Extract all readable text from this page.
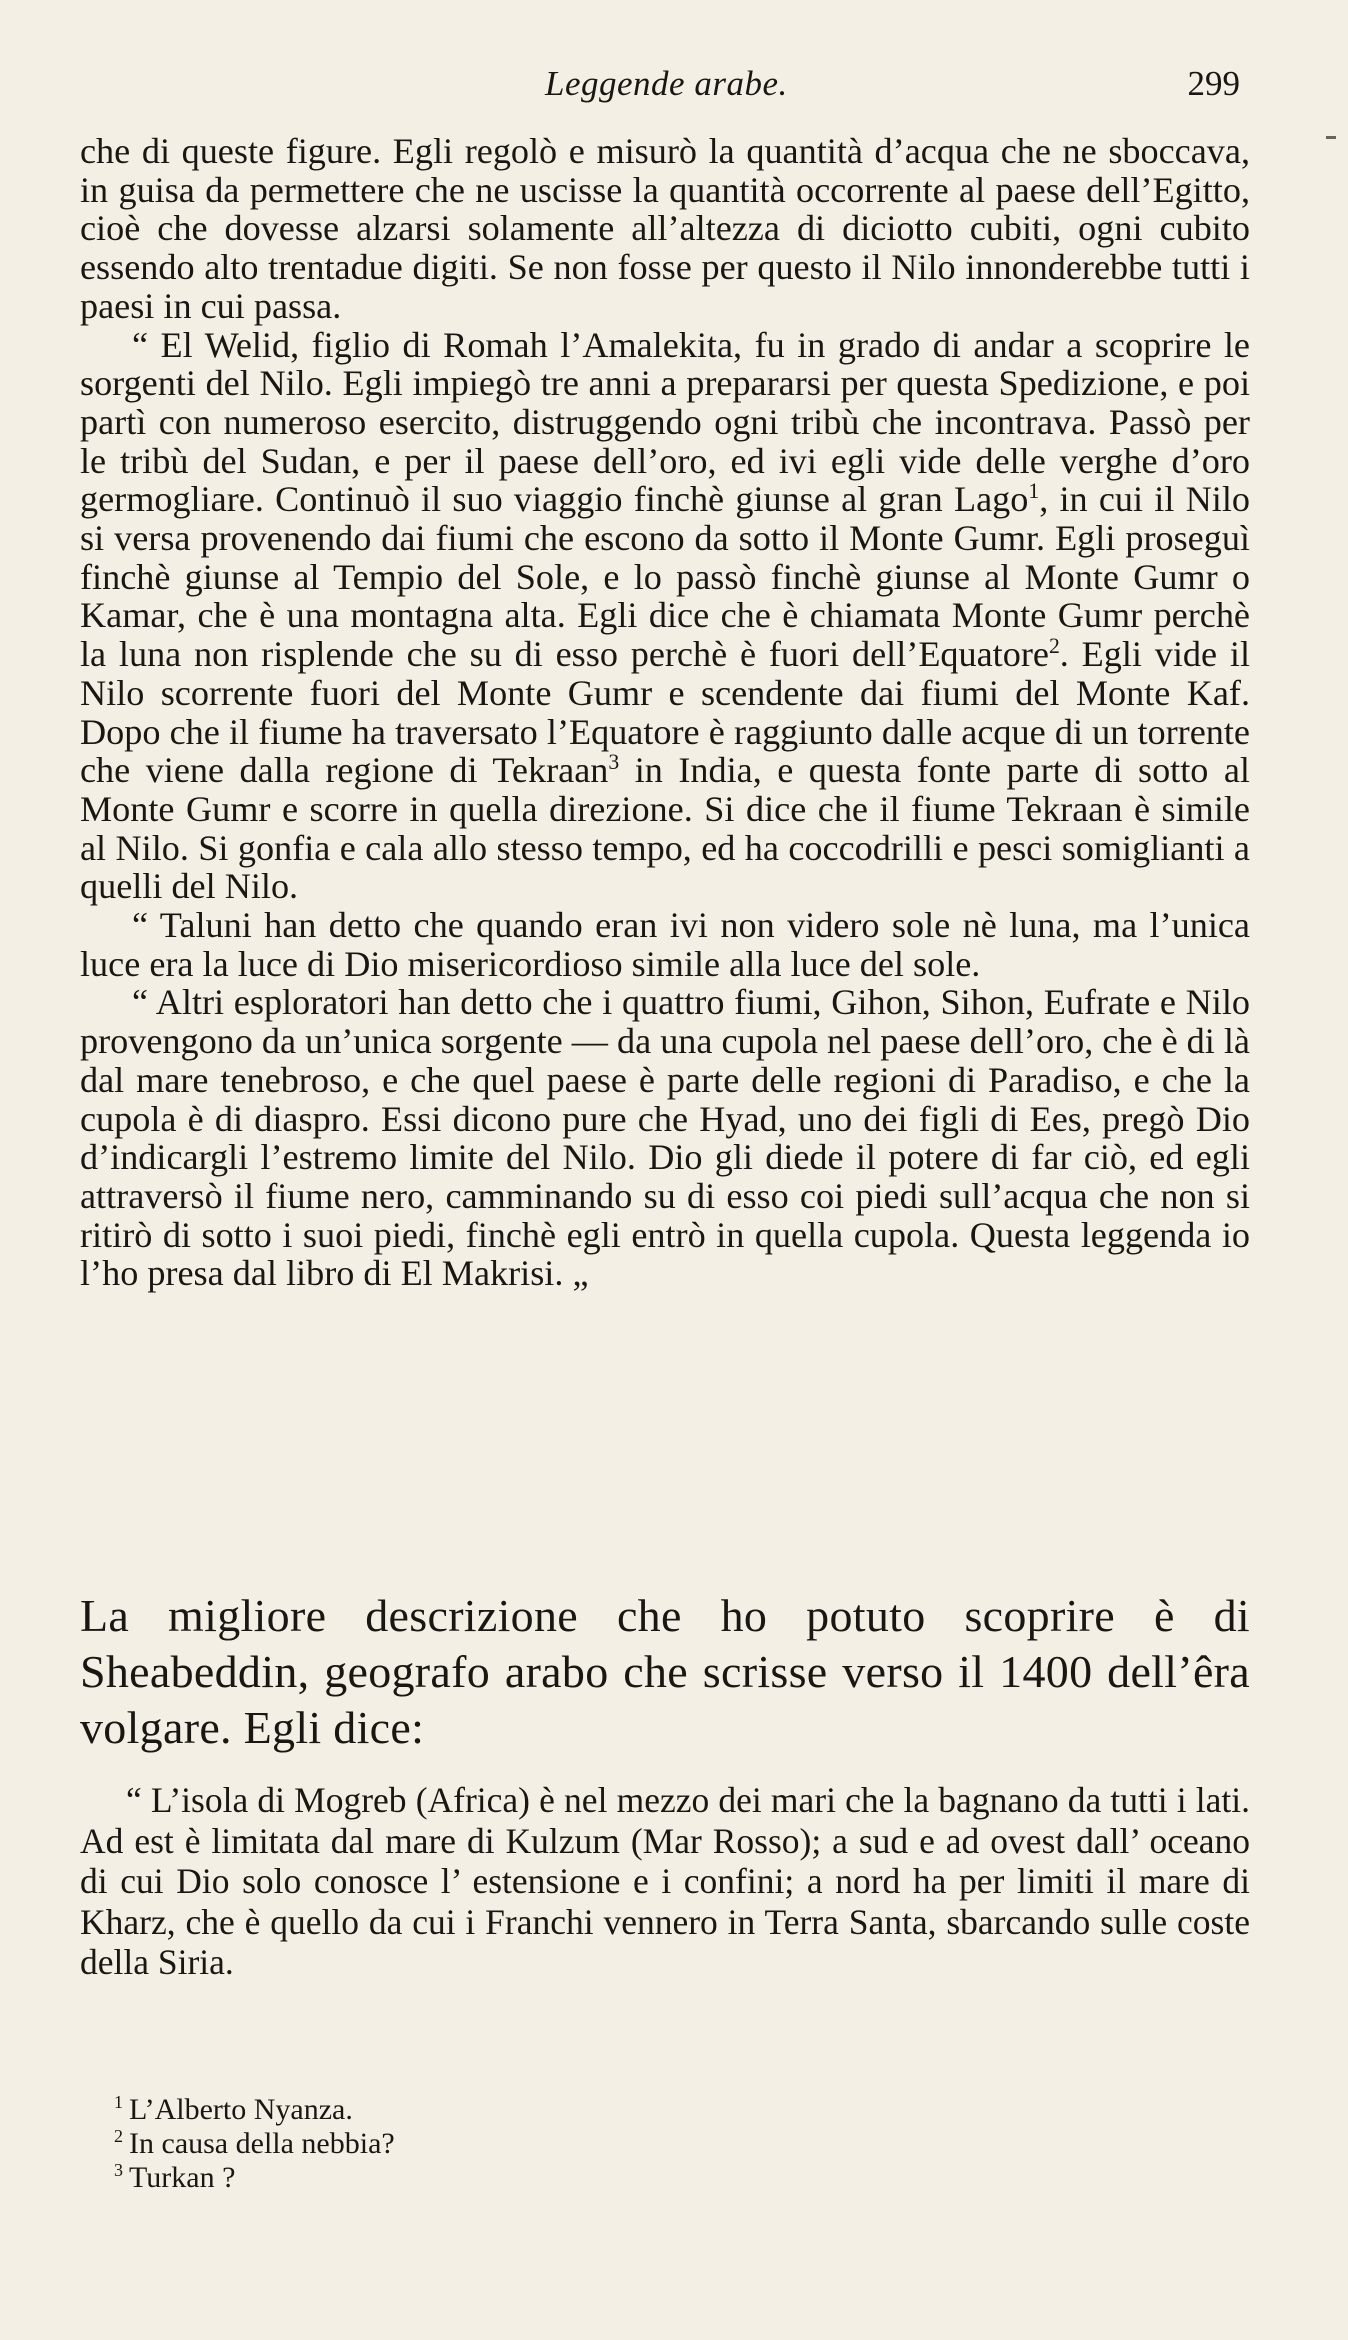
Leggende arabe.	299

che di queste figure. Egli regolò e misurò la quantità d’acqua che ne sboccava, in guisa da permettere che ne uscisse la quantità occorrente al paese dell’Egitto, cioè che dovesse alzarsi solamente all’altezza di diciotto cubiti, ogni cubito essendo alto trentadue digiti. Se non fosse per questo il Nilo innonderebbe tutti i paesi in cui passa.

“ El Welid, figlio di Romah l’Amalekita, fu in grado di andar a scoprire le sorgenti del Nilo. Egli impiegò tre anni a prepararsi per questa Spedizione, e poi partì con numeroso esercito, distruggendo ogni tribù che incontrava. Passò per le tribù del Sudan, e per il paese dell’oro, ed ivi egli vide delle verghe d’oro germogliare. Continuò il suo viaggio finchè giunse al gran Lago$^1$, in cui il Nilo si versa provenendo dai fiumi che escono da sotto il Monte Gumr. Egli proseguì finchè giunse al Tempio del Sole, e lo passò finchè giunse al Monte Gumr o Kamar, che è una montagna alta. Egli dice che è chiamata Monte Gumr perchè la luna non risplende che su di esso perchè è fuori dell’Equatore$^2$. Egli vide il Nilo scorrente fuori del Monte Gumr e scendente dai fiumi del Monte Kaf. Dopo che il fiume ha traversato l’Equatore è raggiunto dalle acque di un torrente che viene dalla regione di Tekraan$^3$ in India, e questa fonte parte di sotto al Monte Gumr e scorre in quella direzione. Si dice che il fiume Tekraan è simile al Nilo. Si gonfia e cala allo stesso tempo, ed ha coccodrilli e pesci somiglianti a quelli del Nilo.

“ Taluni han detto che quando eran ivi non videro sole nè luna, ma l’unica luce era la luce di Dio misericordioso simile alla luce del sole.

“ Altri esploratori han detto che i quattro fiumi, Gihon, Sihon, Eufrate e Nilo provengono da un’unica sorgente — da una cupola nel paese dell’oro, che è di là dal mare tenebroso, e che quel paese è parte delle regioni di Paradiso, e che la cupola è di diaspro. Essi dicono pure che Hyad, uno dei figli di Ees, pregò Dio d’indicargli l’estremo limite del Nilo. Dio gli diede il potere di far ciò, ed egli attraversò il fiume nero, camminando su di esso coi piedi sull’acqua che non si ritirò di sotto i suoi piedi, finchè egli entrò in quella cupola. Questa leggenda io l’ho presa dal libro di El Makrisi. „

La migliore descrizione che ho potuto scoprire è di Sheabeddin, geografo arabo che scrisse verso il 1400 dell’êra volgare. Egli dice:

“ L’isola di Mogreb (Africa) è nel mezzo dei mari che la bagnano da tutti i lati. Ad est è limitata dal mare di Kulzum (Mar Rosso); a sud e ad ovest dall’ oceano di cui Dio solo conosce l’ estensione e i confini; a nord ha per limiti il mare di Kharz, che è quello da cui i Franchi vennero in Terra Santa, sbarcando sulle coste della Siria.

$^1$  L’Alberto Nyanza.
$^2$  In causa della nebbia?
$^3$  Turkan ?
